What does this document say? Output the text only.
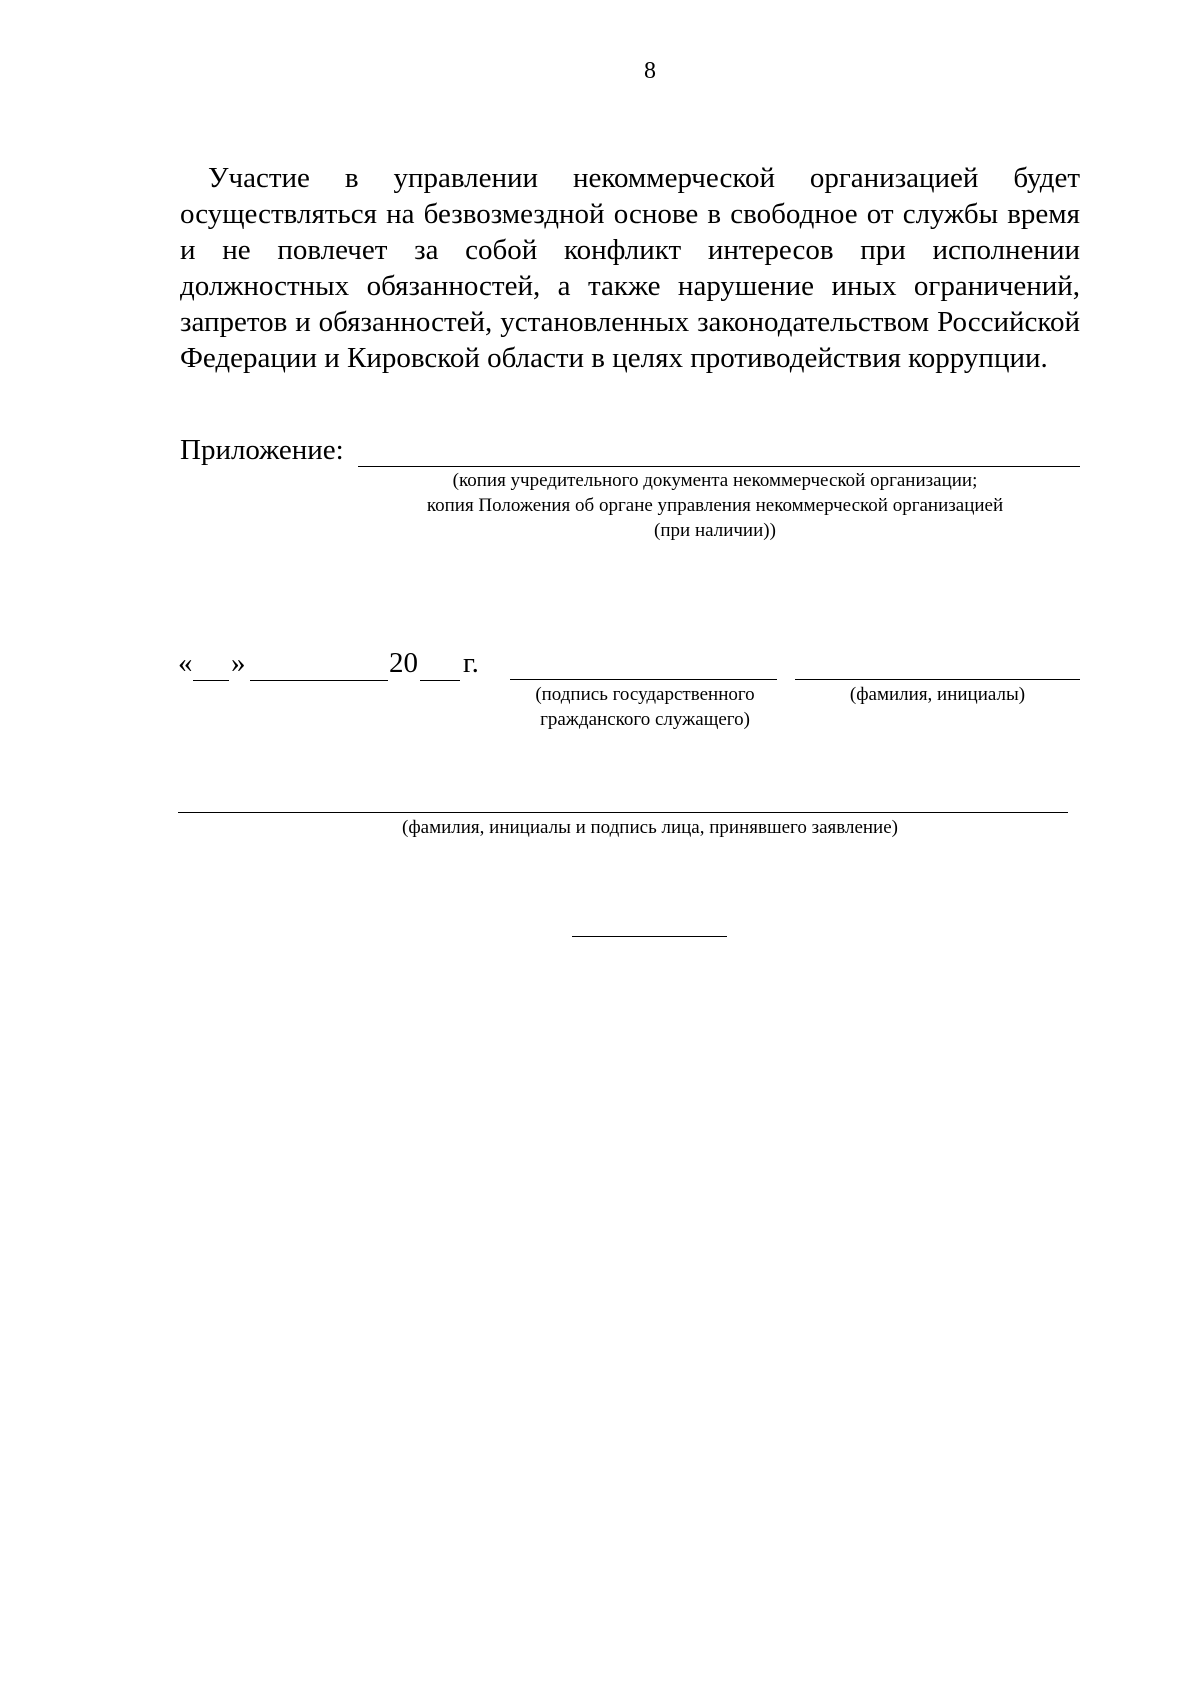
8

Участие в управлении некоммерческой организацией будет осуществляться на безвозмездной основе в свободное от службы время и не повлечет за собой конфликт интересов при исполнении должностных обязанностей, а также нарушение иных ограничений, запретов и обязанностей, установленных законодательством Российской Федерации и Кировской области в целях противодействия коррупции.

Приложение:
(копия учредительного документа некоммерческой организации;
копия Положения об органе управления некоммерческой организацией
(при наличии))
« »	20 г.
(подпись государственного
гражданского служащего)
(фамилия, инициалы)
(фамилия, инициалы и подпись лица, принявшего заявление)
